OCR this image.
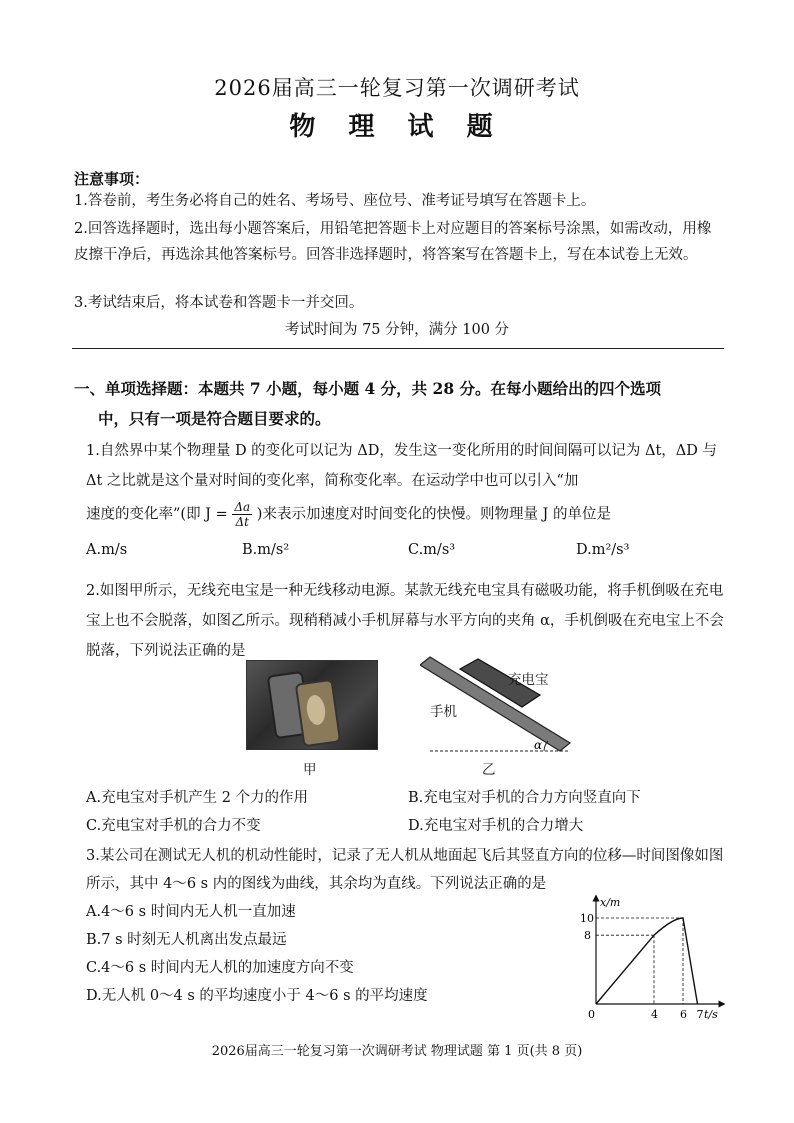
2026届高三一轮复习第一次调研考试
物 理 试 题
注意事项：
1.答卷前，考生务必将自己的姓名、考场号、座位号、准考证号填写在答题卡上。
2.回答选择题时，选出每小题答案后，用铅笔把答题卡上对应题目的答案标号涂黑，如需改动，用橡皮擦干净后，再选涂其他答案标号。回答非选择题时，将答案写在答题卡上，写在本试卷上无效。
3.考试结束后，将本试卷和答题卡一并交回。
考试时间为 75 分钟，满分 100 分
一、单项选择题：本题共 7 小题，每小题 4 分，共 28 分。在每小题给出的四个选项
中，只有一项是符合题目要求的。
1.自然界中某个物理量 D 的变化可以记为 ΔD，发生这一变化所用的时间间隔可以记为 Δt，ΔD 与 Δt 之比就是这个量对时间的变化率，简称变化率。在运动学中也可以引入“加
速度的变化率”(即 $J = \frac{\Delta a}{\Delta t}$ )来表示加速度对时间变化的快慢。则物理量 J 的单位是
A.m/s	B.m/s²	C.m/s³	D.m²/s³
2.如图甲所示，无线充电宝是一种无线移动电源。某款无线充电宝具有磁吸功能，将手机倒吸在充电宝上也不会脱落，如图乙所示。现稍稍减小手机屏幕与水平方向的夹角 α，手机倒吸在充电宝上不会脱落，下列说法正确的是
甲
α
充电宝
手机
乙
A.充电宝对手机产生 2 个力的作用	B.充电宝对手机的合力方向竖直向下
C.充电宝对手机的合力不变	D.充电宝对手机的合力增大
3.某公司在测试无人机的机动性能时，记录了无人机从地面起飞后其竖直方向的位移—时间图像如图所示，其中 4～6 s 内的图线为曲线，其余均为直线。下列说法正确的是
A.4～6 s 时间内无人机一直加速
B.7 s 时刻无人机离出发点最远
C.4～6 s 时间内无人机的加速度方向不变
D.无人机 0～4 s 的平均速度小于 4～6 s 的平均速度
x/m
t/s
0
10
8
4 6 7
2026届高三一轮复习第一次调研考试 物理试题 第 1 页(共 8 页)
